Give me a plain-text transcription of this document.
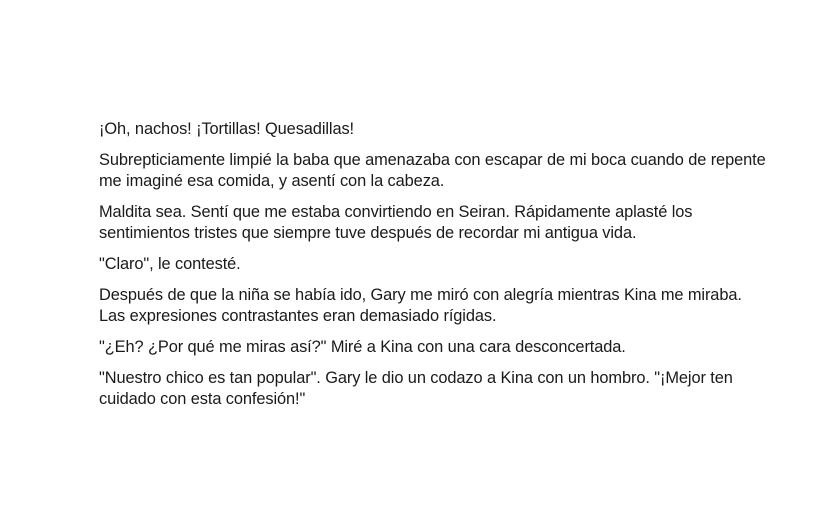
¡Oh, nachos! ¡Tortillas! Quesadillas!

Subrepticiamente limpié la baba que amenazaba con escapar de mi boca cuando de repente me imaginé esa comida, y asentí con la cabeza.

Maldita sea. Sentí que me estaba convirtiendo en Seiran. Rápidamente aplasté los sentimientos tristes que siempre tuve después de recordar mi antigua vida.

"Claro", le contesté.

Después de que la niña se había ido, Gary me miró con alegría mientras Kina me miraba. Las expresiones contrastantes eran demasiado rígidas.

"¿Eh? ¿Por qué me miras así?" Miré a Kina con una cara desconcertada.

"Nuestro chico es tan popular". Gary le dio un codazo a Kina con un hombro. "¡Mejor ten cuidado con esta confesión!"
